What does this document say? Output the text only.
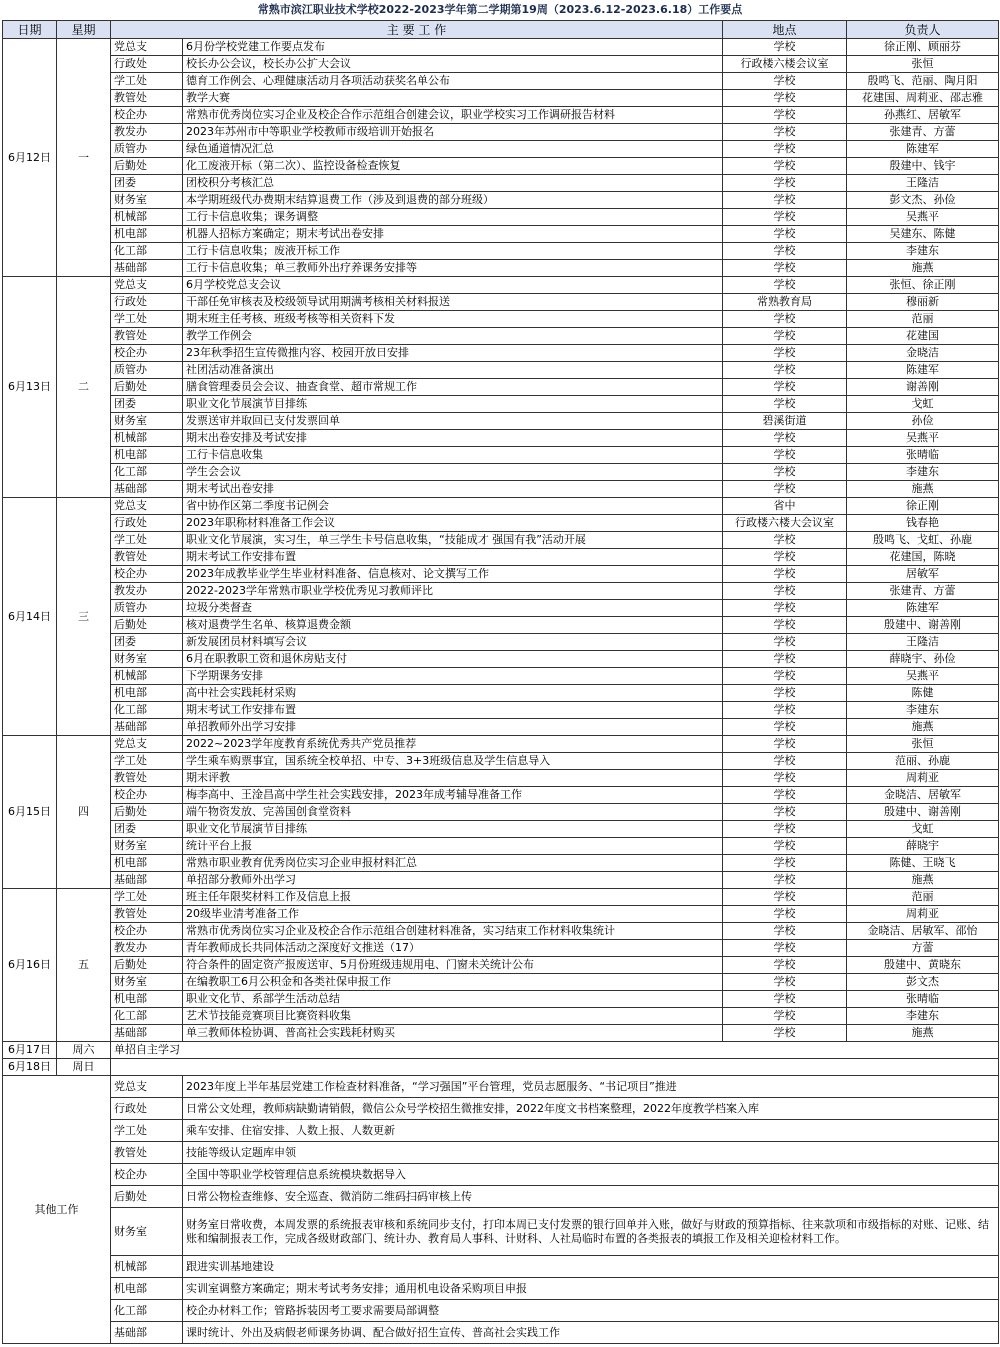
常熟市滨江职业技术学校2022-2023学年第二学期第19周（2023.6.12-2023.6.18）工作要点
日期	星期	主 要 工 作		地点	负责人
6月12日	一	党总支	6月份学校党建工作要点发布	学校	徐正刚、顾丽芬
		行政处	校长办公会议，校长办公扩大会议	行政楼六楼会议室	张恒
		学工处	德育工作例会、心理健康活动月各项活动获奖名单公布	学校	殷鸣飞、范丽、陶月阳
		教管处	教学大赛	学校	花建国、周莉亚、邵志雅
		校企办	常熟市优秀岗位实习企业及校企合作示范组合创建会议，职业学校实习工作调研报告材料	学校	孙燕红、居敏军
		教发办	2023年苏州市中等职业学校教师市级培训开始报名	学校	张建青、方蕾
		质管办	绿色通道情况汇总	学校	陈建军
		后勤处	化工废液开标（第二次）、监控设备检查恢复	学校	殷建中、钱宇
		团委	团校积分考核汇总	学校	王隆洁
		财务室	本学期班级代办费期末结算退费工作（涉及到退费的部分班级）	学校	彭文杰、孙俭
		机械部	工行卡信息收集；课务调整	学校	吴燕平
		机电部	机器人招标方案确定；期末考试出卷安排	学校	吴建东、陈健
		化工部	工行卡信息收集；废液开标工作	学校	李建东
		基础部	工行卡信息收集；单三教师外出疗养课务安排等	学校	施燕
6月13日	二	党总支	6月学校党总支会议	学校	张恒、徐正刚
		行政处	干部任免审核表及校级领导试用期满考核相关材料报送	常熟教育局	穆丽新
		学工处	期末班主任考核、班级考核等相关资料下发	学校	范丽
		教管处	教学工作例会	学校	花建国
		校企办	23年秋季招生宣传微推内容、校园开放日安排	学校	金晓洁
		质管办	社团活动准备演出	学校	陈建军
		后勤处	膳食管理委员会会议、抽查食堂、超市常规工作	学校	谢善刚
		团委	职业文化节展演节目排练	学校	戈虹
		财务室	发票送审并取回已支付发票回单	碧溪街道	孙俭
		机械部	期末出卷安排及考试安排	学校	吴燕平
		机电部	工行卡信息收集	学校	张晴临
		化工部	学生会会议	学校	李建东
		基础部	期末考试出卷安排	学校	施燕
6月14日	三	党总支	省中协作区第二季度书记例会	省中	徐正刚
		行政处	2023年职称材料准备工作会议	行政楼六楼大会议室	钱春艳
		学工处	职业文化节展演，实习生，单三学生卡号信息收集，“技能成才 强国有我”活动开展	学校	殷鸣飞、戈虹、孙鹿
		教管处	期末考试工作安排布置	学校	花建国，陈晓
		校企办	2023年成教毕业学生毕业材料准备、信息核对、论文撰写工作	学校	居敏军
		教发办	2022-2023学年常熟市职业学校优秀见习教师评比	学校	张建青、方蕾
		质管办	垃圾分类督查	学校	陈建军
		后勤处	核对退费学生名单、核算退费金额	学校	殷建中、谢善刚
		团委	新发展团员材料填写会议	学校	王隆洁
		财务室	6月在职教职工资和退休房贴支付	学校	薛晓宇、孙俭
		机械部	下学期课务安排	学校	吴燕平
		机电部	高中社会实践耗材采购	学校	陈健
		化工部	期末考试工作安排布置	学校	李建东
		基础部	单招教师外出学习安排	学校	施燕
6月15日	四	党总支	2022~2023学年度教育系统优秀共产党员推荐	学校	张恒
		学工处	学生乘车购票事宜，国系统全校单招、中专、3+3班级信息及学生信息导入	学校	范丽、孙鹿
		教管处	期末评教	学校	周莉亚
		校企办	梅李高中、王淦昌高中学生社会实践安排，2023年成考辅导准备工作	学校	金晓洁、居敏军
		后勤处	端午物资发放、完善国创食堂资料	学校	殷建中、谢善刚
		团委	职业文化节展演节目排练	学校	戈虹
		财务室	统计平台上报	学校	薛晓宇
		机电部	常熟市职业教育优秀岗位实习企业申报材料汇总	学校	陈健、王晓飞
		基础部	单招部分教师外出学习	学校	施燕
6月16日	五	学工处	班主任年限奖材料工作及信息上报	学校	范丽
		教管处	20级毕业清考准备工作	学校	周莉亚
		校企办	常熟市优秀岗位实习企业及校企合作示范组合创建材料准备，实习结束工作材料收集统计	学校	金晓洁、居敏军、邵怡
		教发办	青年教师成长共同体活动之深度好文推送（17）	学校	方蕾
		后勤处	符合条件的固定资产报废送审、5月份班级违规用电、门窗未关统计公布	学校	殷建中、黄晓东
		财务室	在编教职工6月公积金和各类社保申报工作	学校	彭文杰
		机电部	职业文化节、系部学生活动总结	学校	张晴临
		化工部	艺术节技能竞赛项目比赛资料收集	学校	李建东
		基础部	单三教师体检协调、普高社会实践耗材购买	学校	施燕
6月17日	周六	单招自主学习			
6月18日	周日				
其他工作		党总支	2023年度上半年基层党建工作检查材料准备，“学习强国”平台管理，党员志愿服务、“书记项目”推进		
		行政处	日常公文处理，教师病缺勤请销假，微信公众号学校招生微推安排，2022年度文书档案整理，2022年度教学档案入库		
		学工处	乘车安排、住宿安排、人数上报、人数更新		
		教管处	技能等级认定题库申领		
		校企办	全国中等职业学校管理信息系统模块数据导入		
		后勤处	日常公物检查维修、安全巡查、微消防二维码扫码审核上传		
		财务室	财务室日常收费，本周发票的系统报表审核和系统同步支付，打印本周已支付发票的银行回单并入账，做好与财政的预算指标、往来款项和市级指标的对账、记账、结账和编制报表工作，完成各级财政部门、统计办、教育局人事科、计财科、人社局临时布置的各类报表的填报工作及相关迎检材料工作。		
		机械部	跟进实训基地建设		
		机电部	实训室调整方案确定；期末考试考务安排；通用机电设备采购项目申报		
		化工部	校企办材料工作；管路拆装因考工要求需要局部调整		
		基础部	课时统计、外出及病假老师课务协调、配合做好招生宣传、普高社会实践工作		
